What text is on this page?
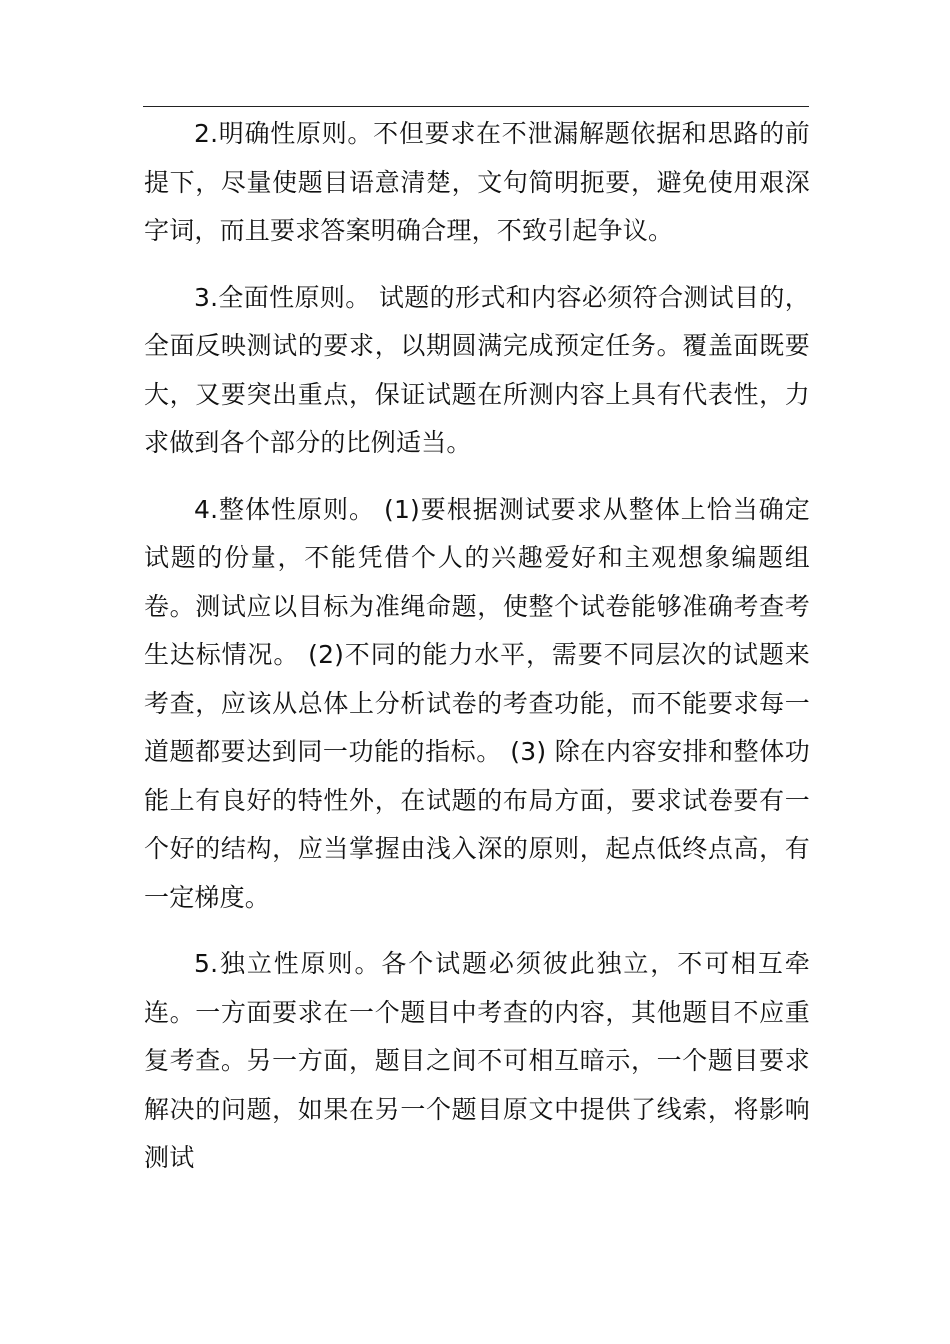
2.明确性原则。不但要求在不泄漏解题依据和思路的前提下，尽量使题目语意清楚，文句简明扼要，避免使用艰深字词，而且要求答案明确合理，不致引起争议。

3.全面性原则。 试题的形式和内容必须符合测试目的，全面反映测试的要求，以期圆满完成预定任务。覆盖面既要大，又要突出重点，保证试题在所测内容上具有代表性，力求做到各个部分的比例适当。

4.整体性原则。 (1)要根据测试要求从整体上恰当确定试题的份量，不能凭借个人的兴趣爱好和主观想象编题组卷。测试应以目标为准绳命题，使整个试卷能够准确考查考生达标情况。 (2)不同的能力水平，需要不同层次的试题来考查，应该从总体上分析试卷的考查功能，而不能要求每一道题都要达到同一功能的指标。 (3) 除在内容安排和整体功能上有良好的特性外，在试题的布局方面，要求试卷要有一个好的结构，应当掌握由浅入深的原则，起点低终点高，有一定梯度。

5.独立性原则。各个试题必须彼此独立，不可相互牵连。一方面要求在一个题目中考查的内容，其他题目不应重复考查。另一方面，题目之间不可相互暗示，一个题目要求解决的问题，如果在另一个题目原文中提供了线索，将影响测试
